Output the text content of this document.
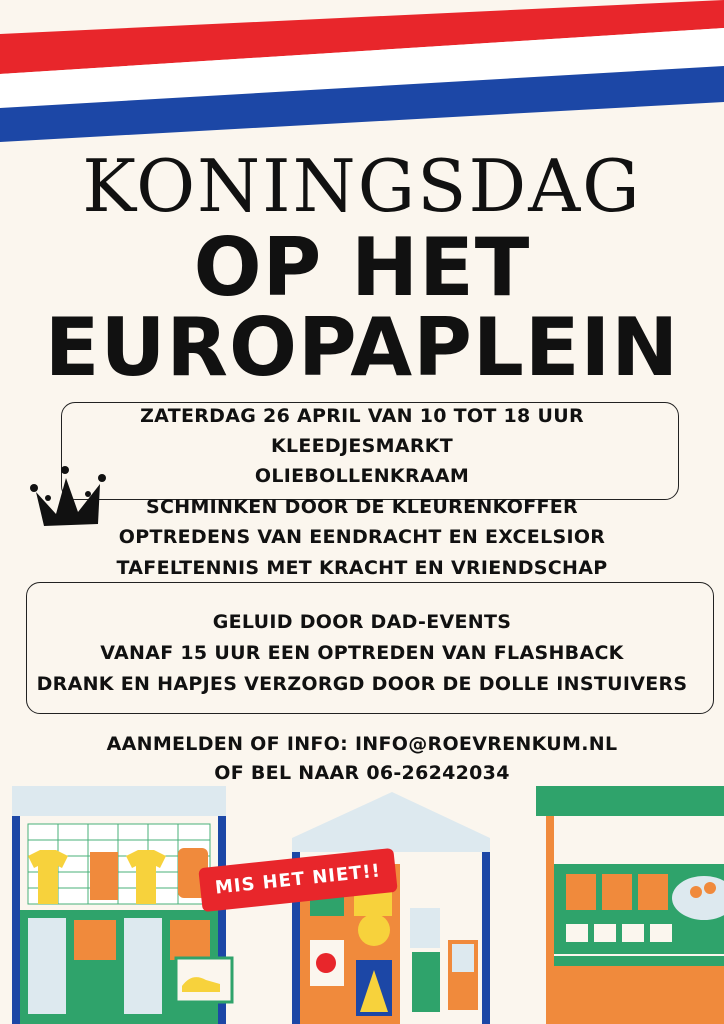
KONINGSDAG
OP HET
EUROPAPLEIN
ZATERDAG 26 APRIL VAN 10 TOT 18 UUR
KLEEDJESMARKT
OLIEBOLLENKRAAM
SCHMINKEN DOOR DE KLEURENKOFFER
OPTREDENS VAN EENDRACHT EN EXCELSIOR
TAFELTENNIS MET KRACHT EN VRIENDSCHAP
GELUID DOOR DAD-EVENTS
VANAF 15 UUR EEN OPTREDEN VAN FLASHBACK
DRANK EN HAPJES VERZORGD DOOR DE DOLLE INSTUIVERS
AANMELDEN OF INFO: INFO@ROEVRENKUM.NL
OF BEL NAAR 06-26242034
MIS HET NIET!!
